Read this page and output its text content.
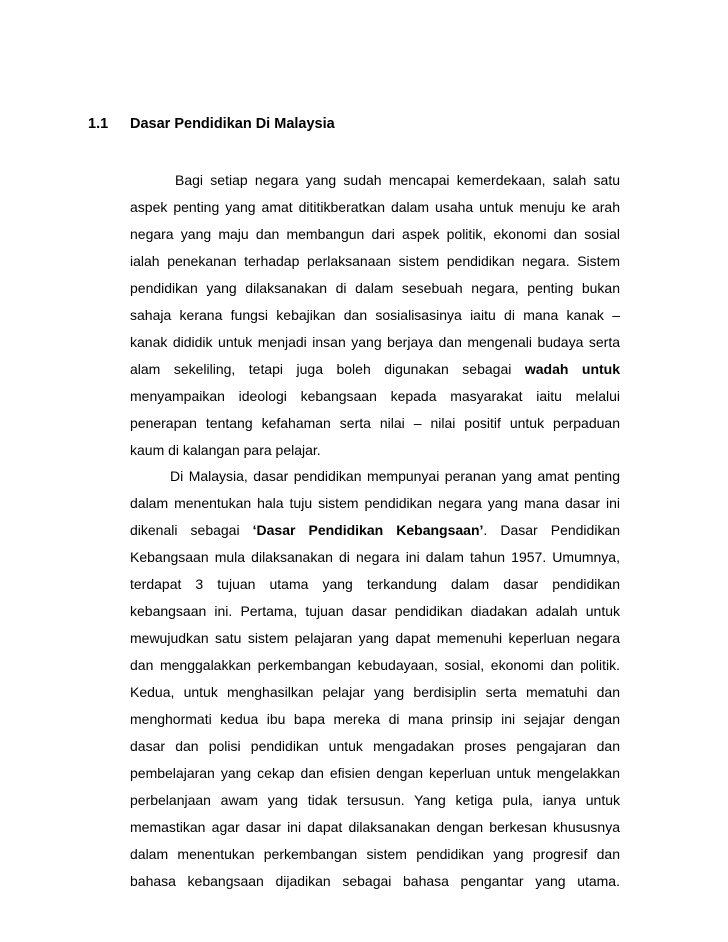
1.1 Dasar Pendidikan Di Malaysia
Bagi setiap negara yang sudah mencapai kemerdekaan, salah satu
aspek penting yang amat dititikberatkan dalam usaha untuk menuju ke arah
negara yang maju dan membangun dari aspek politik, ekonomi dan sosial
ialah penekanan terhadap perlaksanaan sistem pendidikan negara. Sistem
pendidikan yang dilaksanakan di dalam sesebuah negara, penting bukan
sahaja kerana fungsi kebajikan dan sosialisasinya iaitu di mana kanak –
kanak dididik untuk menjadi insan yang berjaya dan mengenali budaya serta
alam sekeliling, tetapi juga boleh digunakan sebagai wadah untuk
menyampaikan ideologi kebangsaan kepada masyarakat iaitu melalui
penerapan tentang kefahaman serta nilai – nilai positif untuk perpaduan
kaum di kalangan para pelajar.
Di Malaysia, dasar pendidikan mempunyai peranan yang amat penting
dalam menentukan hala tuju sistem pendidikan negara yang mana dasar ini
dikenali sebagai ‘Dasar Pendidikan Kebangsaan’. Dasar Pendidikan
Kebangsaan mula dilaksanakan di negara ini dalam tahun 1957. Umumnya,
terdapat 3 tujuan utama yang terkandung dalam dasar pendidikan
kebangsaan ini. Pertama, tujuan dasar pendidikan diadakan adalah untuk
mewujudkan satu sistem pelajaran yang dapat memenuhi keperluan negara
dan menggalakkan perkembangan kebudayaan, sosial, ekonomi dan politik.
Kedua, untuk menghasilkan pelajar yang berdisiplin serta mematuhi dan
menghormati kedua ibu bapa mereka di mana prinsip ini sejajar dengan
dasar dan polisi pendidikan untuk mengadakan proses pengajaran dan
pembelajaran yang cekap dan efisien dengan keperluan untuk mengelakkan
perbelanjaan awam yang tidak tersusun. Yang ketiga pula, ianya untuk
memastikan agar dasar ini dapat dilaksanakan dengan berkesan khususnya
dalam menentukan perkembangan sistem pendidikan yang progresif dan
bahasa kebangsaan dijadikan sebagai bahasa pengantar yang utama.
